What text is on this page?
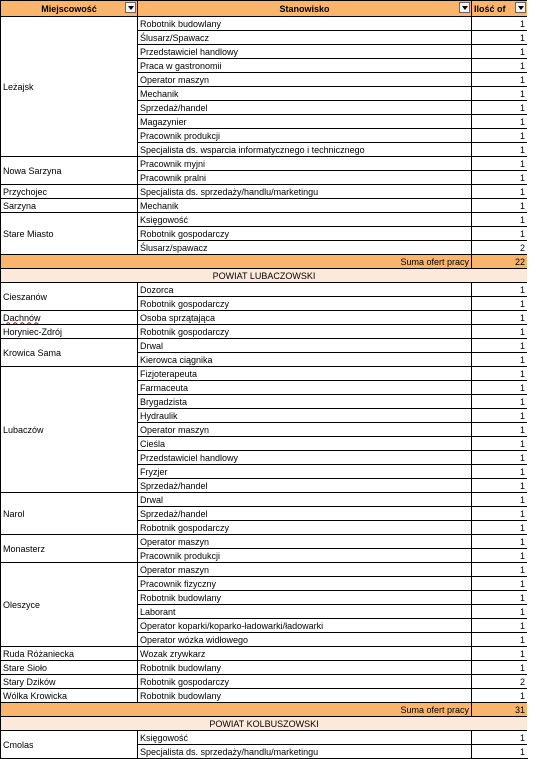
Miejscowość	Stanowisko	Ilość of

Leżajsk	Robotnik budowlany	1
	Ślusarz/Spawacz	1
	Przedstawiciel handlowy	1
	Praca w gastronomii	1
	Operator maszyn	1
	Mechanik	1
	Sprzedaż/handel	1
	Magazynier	1
	Pracownik produkcji	1
	Specjalista ds. wsparcia informatycznego i technicznego	1
Nowa Sarzyna	Pracownik myjni	1
	Pracownik pralni	1
Przychojec	Specjalista ds. sprzedaży/handlu/marketingu	1
Sarzyna	Mechanik	1
Stare Miasto	Księgowość	1
	Robotnik gospodarczy	1
	Ślusarz/spawacz	2
Suma ofert pracy		22
POWIAT LUBACZOWSKI		
Cieszanów	Dozorca	1
	Robotnik gospodarczy	1
Dachnów	Osoba sprzątająca	1
Horyniec-Zdrój	Robotnik gospodarczy	1
Krowica Sama	Drwal	1
	Kierowca ciągnika	1
Lubaczów	Fizjoterapeuta	1
	Farmaceuta	1
	Brygadzista	1
	Hydraulik	1
	Operator maszyn	1
	Cieśla	1
	Przedstawiciel handlowy	1
	Fryzjer	1
	Sprzedaż/handel	1
Narol	Drwal	1
	Sprzedaż/handel	1
	Robotnik gospodarczy	1
Monasterz	Operator maszyn	1
	Pracownik produkcji	1
Oleszyce	Operator maszyn	1
	Pracownik fizyczny	1
	Robotnik budowlany	1
	Laborant	1
	Operator koparki/koparko-ładowarki/ładowarki	1
	Operator wózka widłowego	1
Ruda Różaniecka	Wozak zrywkarz	1
Stare Sioło	Robotnik budowlany	1
Stary Dzików	Robotnik gospodarczy	2
Wólka Krowicka	Robotnik budowlany	1
Suma ofert pracy		31
POWIAT KOLBUSZOWSKI		
Cmolas	Księgowość	1
	Specjalista ds. sprzedaży/handlu/marketingu	1
